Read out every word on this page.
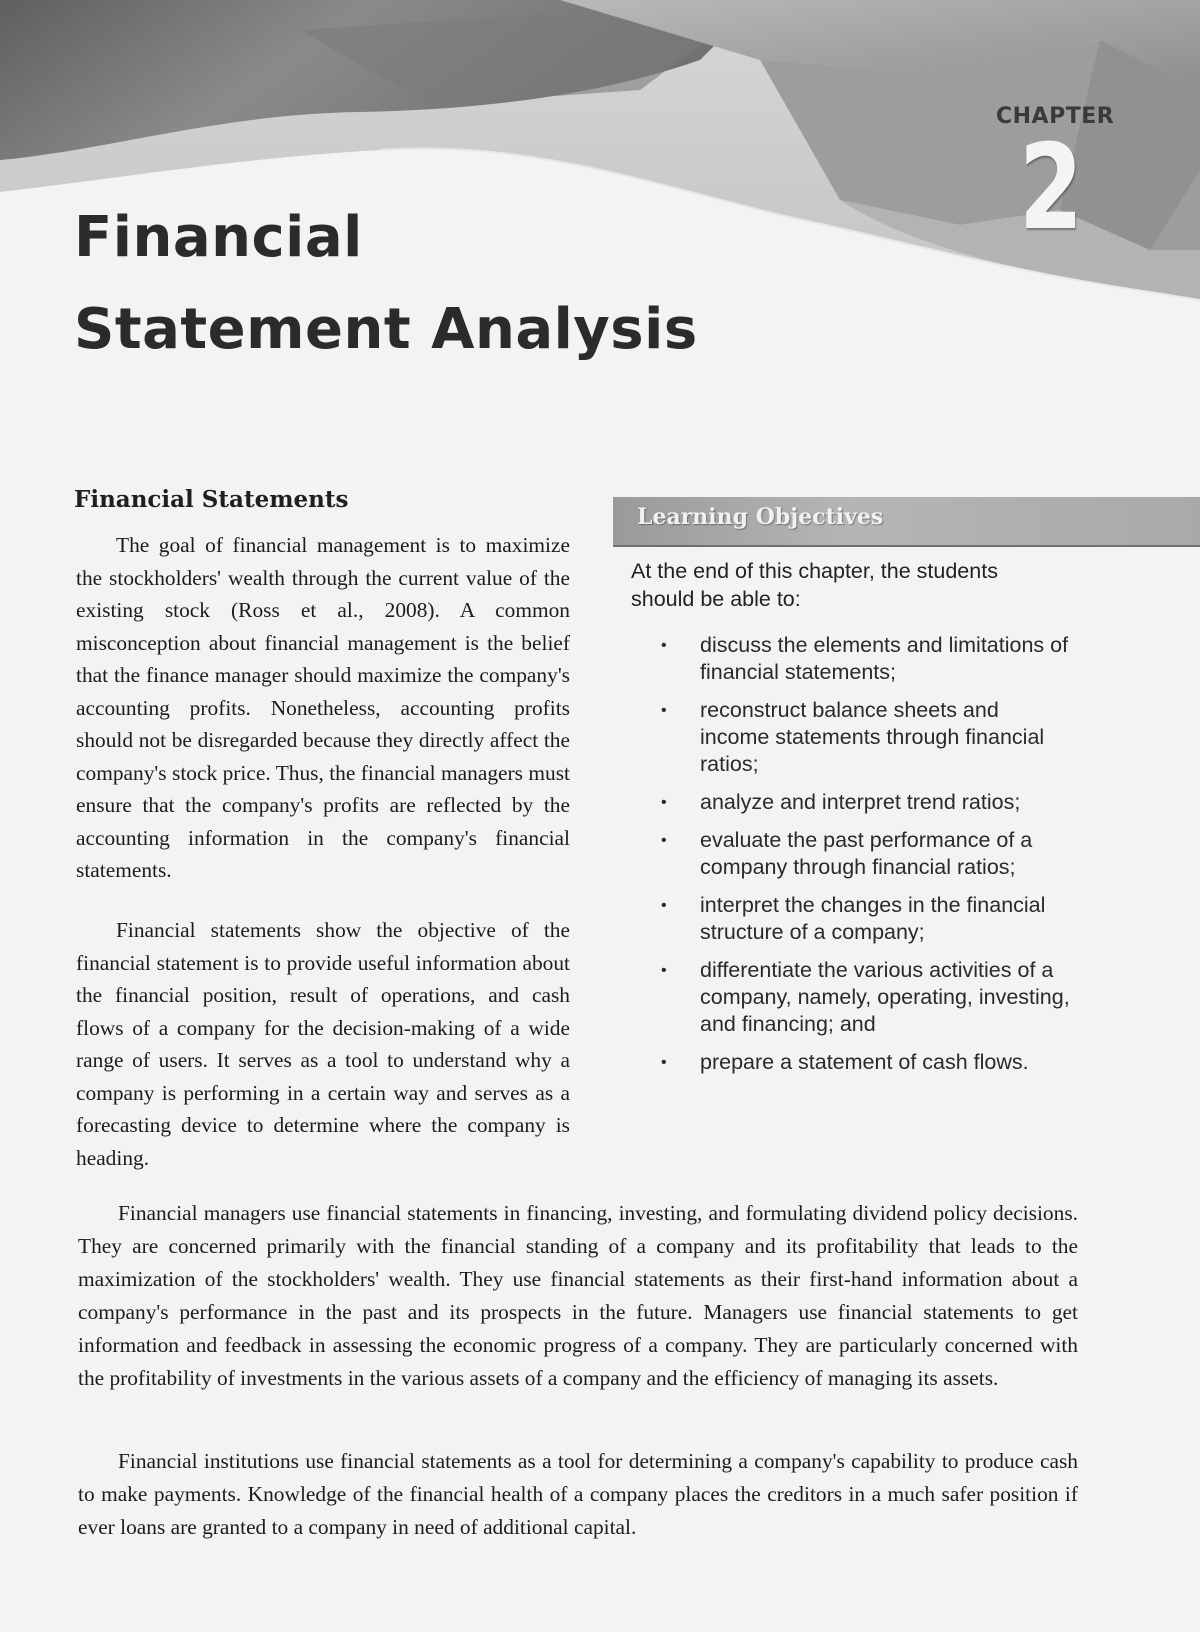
CHAPTER
2
Financial
Statement Analysis
Financial Statements

The goal of financial management is to maximize the stockholders' wealth through the current value of the existing stock (Ross et al., 2008). A common misconception about financial management is the belief that the finance manager should maximize the company's accounting profits. Nonetheless, accounting profits should not be disregarded because they directly affect the company's stock price. Thus, the financial managers must ensure that the company's profits are reflected by the accounting information in the company's financial statements.

Financial statements show the objective of the financial statement is to provide useful information about the financial position, result of operations, and cash flows of a company for the decision-making of a wide range of users. It serves as a tool to understand why a company is performing in a certain way and serves as a forecasting device to determine where the company is heading.

Learning Objectives

At the end of this chapter, the students should be able to:

•
discuss the elements and limitations of financial statements;
•
reconstruct balance sheets and income statements through financial ratios;
•
analyze and interpret trend ratios;
•
evaluate the past performance of a company through financial ratios;
•
interpret the changes in the financial structure of a company;
•
differentiate the various activities of a company, namely, operating, investing, and financing; and
•
prepare a statement of cash flows.

Financial managers use financial statements in financing, investing, and formulating dividend policy decisions. They are concerned primarily with the financial standing of a company and its profitability that leads to the maximization of the stockholders' wealth. They use financial statements as their first-hand information about a company's performance in the past and its prospects in the future. Managers use financial statements to get information and feedback in assessing the economic progress of a company. They are particularly concerned with the profitability of investments in the various assets of a company and the efficiency of managing its assets.

Financial institutions use financial statements as a tool for determining a company's capability to produce cash to make payments. Knowledge of the financial health of a company places the creditors in a much safer position if ever loans are granted to a company in need of additional capital.
